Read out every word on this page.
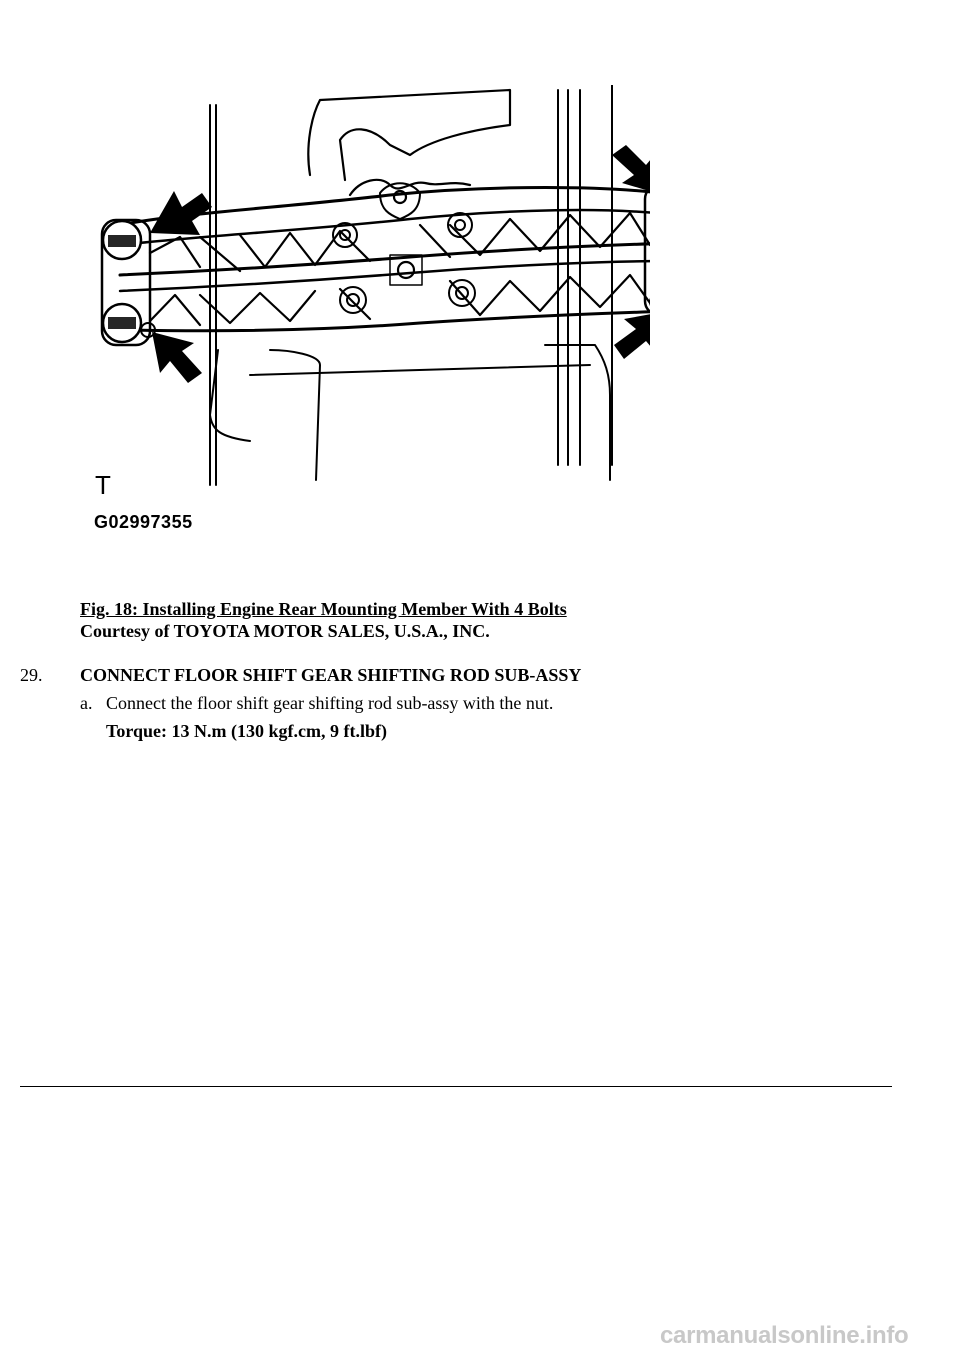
T
G02997355
Fig. 18: Installing Engine Rear Mounting Member With 4 Bolts
Courtesy of TOYOTA MOTOR SALES, U.S.A., INC.
29. CONNECT FLOOR SHIFT GEAR SHIFTING ROD SUB-ASSY
a. Connect the floor shift gear shifting rod sub-assy with the nut.
Torque: 13 N.m (130 kgf.cm, 9 ft.lbf)
carmanualsonline.info
